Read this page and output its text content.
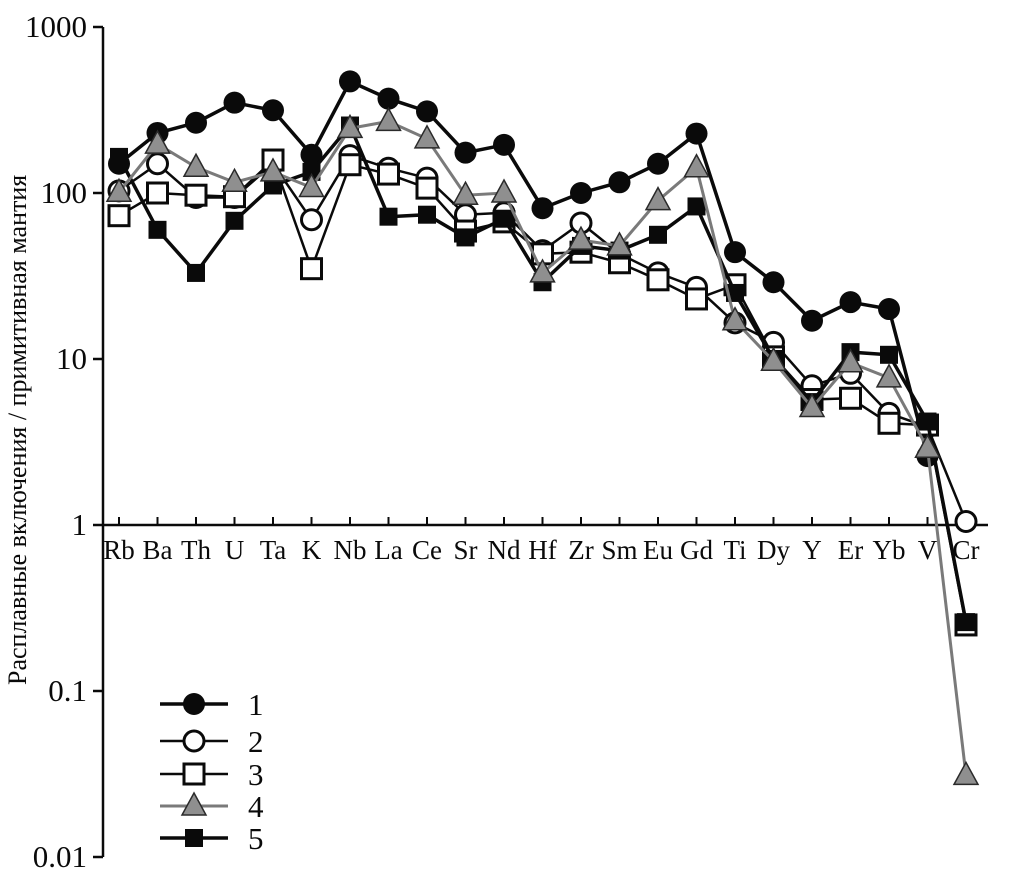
Расплавные включения / примитивная мантия
1000
100
10
1
0.1
0.01
Rb Ba Th U Ta K Nb La Ce Sr Nd Hf Zr Sm Eu Gd Ti Dy Y Er Yb V Cr
1
2
3
4
5
